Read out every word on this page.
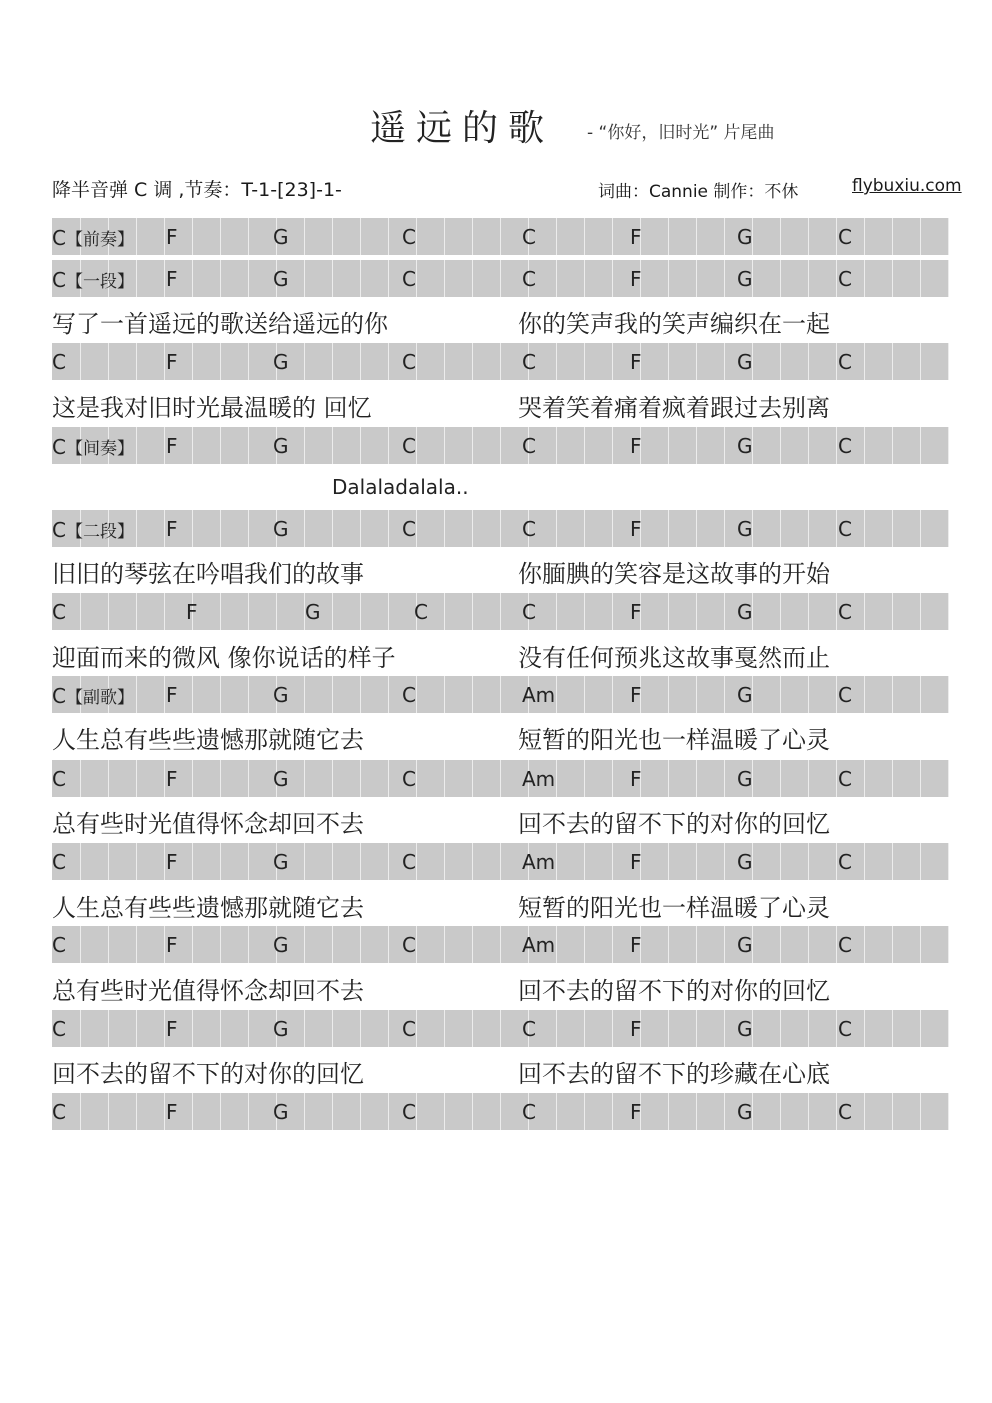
遥远的歌 - “你好，旧时光” 片尾曲
降半音弹 C 调 ,节奏：T-1-[23]-1-	词曲：Cannie 制作：不休	flybuxiu.com
C【前奏】 F	G	C	C	F	G	C
C【一段】 F	G	C	C	F	G	C
写了一首遥远的歌送给遥远的你	你的笑声我的笑声编织在一起
C	F	G	C	C	F	G	C
这是我对旧时光最温暖的 回忆	哭着笑着痛着疯着跟过去别离
C【间奏】 F	G	C	C	F	G	C
Dalaladalala..
C【二段】 F	G	C	C	F	G	C
旧旧的琴弦在吟唱我们的故事	你腼腆的笑容是这故事的开始
C	F	G	C	C	F	G	C
迎面而来的微风 像你说话的样子	没有任何预兆这故事戛然而止
C【副歌】 F	G	C	Am	F	G	C
人生总有些些遗憾那就随它去	短暂的阳光也一样温暖了心灵
C	F	G	C	Am	F	G	C
总有些时光值得怀念却回不去	回不去的留不下的对你的回忆
C	F	G	C	Am	F	G	C
人生总有些些遗憾那就随它去	短暂的阳光也一样温暖了心灵
C	F	G	C	Am	F	G	C
总有些时光值得怀念却回不去	回不去的留不下的对你的回忆
C	F	G	C	C	F	G	C
回不去的留不下的对你的回忆	回不去的留不下的珍藏在心底
C	F	G	C	C	F	G	C
